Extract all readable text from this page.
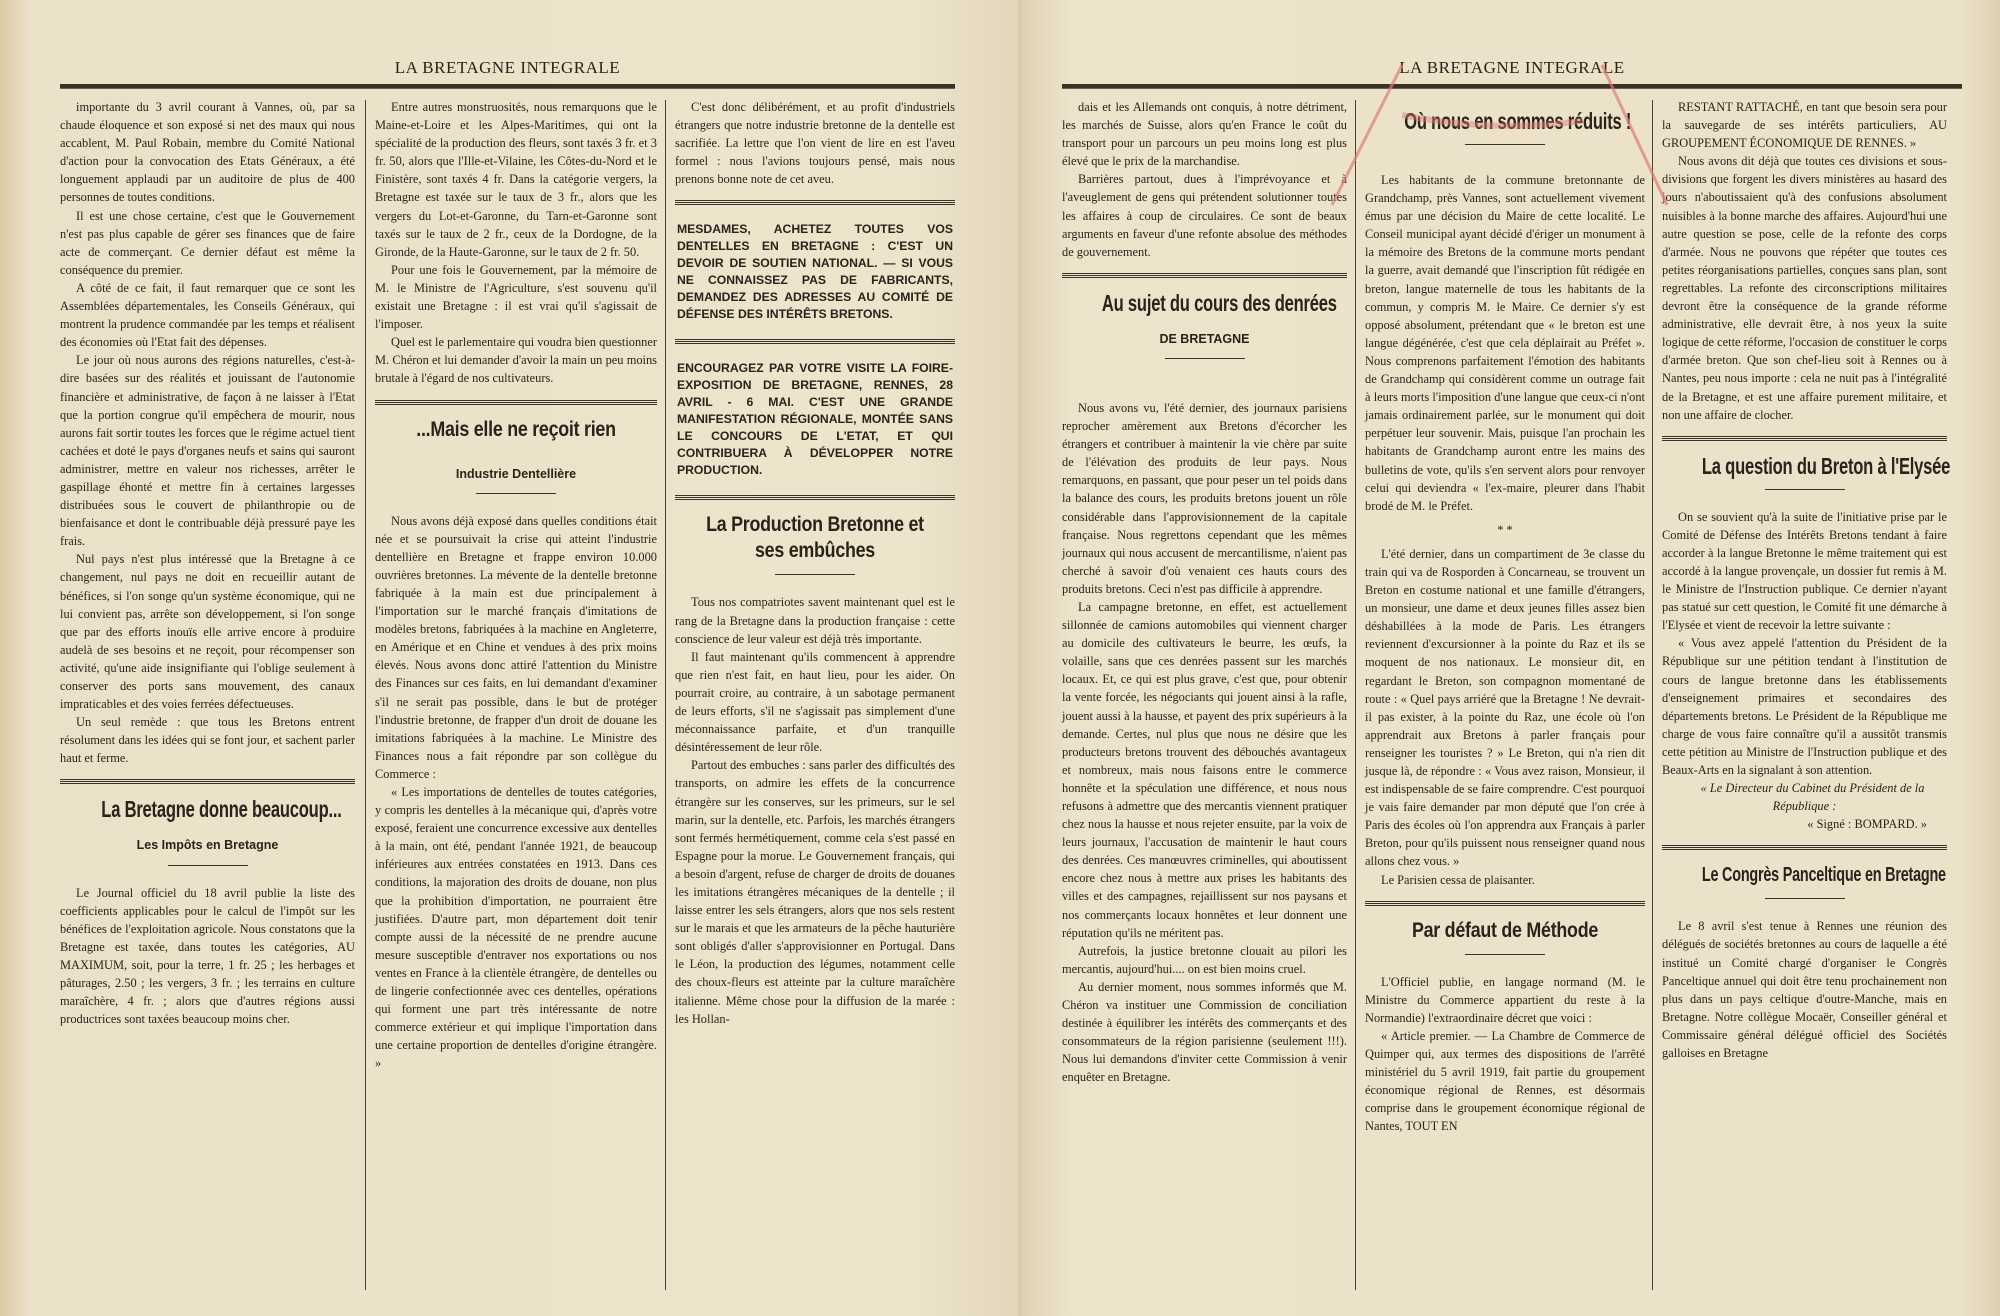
LA BRETAGNE INTEGRALE

importante du 3 avril courant à Vannes, où, par sa chaude éloquence et son exposé si net des maux qui nous accablent, M. Paul Robain, membre du Comité National d'action pour la convocation des Etats Généraux, a été longuement applaudi par un auditoire de plus de 400 personnes de toutes conditions.

Il est une chose certaine, c'est que le Gouvernement n'est pas plus capable de gérer ses finances que de faire acte de commerçant. Ce dernier défaut est même la conséquence du premier.

A côté de ce fait, il faut remarquer que ce sont les Assemblées départementales, les Conseils Généraux, qui montrent la prudence commandée par les temps et réalisent des économies où l'Etat fait des dépenses.

Le jour où nous aurons des régions naturelles, c'est-à-dire basées sur des réalités et jouissant de l'autonomie financière et administrative, de façon à ne laisser à l'Etat que la portion congrue qu'il empêchera de mourir, nous aurons fait sortir toutes les forces que le régime actuel tient cachées et doté le pays d'organes neufs et sains qui sauront administrer, mettre en valeur nos richesses, arrêter le gaspillage éhonté et mettre fin à certaines largesses distribuées sous le couvert de philanthropie ou de bienfaisance et dont le contribuable déjà pressuré paye les frais.

Nul pays n'est plus intéressé que la Bretagne à ce changement, nul pays ne doit en recueillir autant de bénéfices, si l'on songe qu'un système économique, qui ne lui convient pas, arrête son développement, si l'on songe que par des efforts inouïs elle arrive encore à produire audelà de ses besoins et ne reçoit, pour récompenser son activité, qu'une aide insignifiante qui l'oblige seulement à conserver des ports sans mouvement, des canaux impraticables et des voies ferrées défectueuses.

Un seul remède : que tous les Bretons entrent résolument dans les idées qui se font jour, et sachent parler haut et ferme.

La Bretagne donne beaucoup...
Les Impôts en Bretagne

Le Journal officiel du 18 avril publie la liste des coefficients applicables pour le calcul de l'impôt sur les bénéfices de l'exploitation agricole. Nous constatons que la Bretagne est taxée, dans toutes les catégories, AU MAXIMUM, soit, pour la terre, 1 fr. 25 ; les herbages et pâturages, 2.50 ; les vergers, 3 fr. ; les terrains en culture maraîchère, 4 fr. ; alors que d'autres régions aussi productrices sont taxées beaucoup moins cher.

Entre autres monstruosités, nous remarquons que le Maine-et-Loire et les Alpes-Maritimes, qui ont la spécialité de la production des fleurs, sont taxés 3 fr. et 3 fr. 50, alors que l'Ille-et-Vilaine, les Côtes-du-Nord et le Finistère, sont taxés 4 fr. Dans la catégorie vergers, la Bretagne est taxée sur le taux de 3 fr., alors que les vergers du Lot-et-Garonne, du Tarn-et-Garonne sont taxés sur le taux de 2 fr., ceux de la Dordogne, de la Gironde, de la Haute-Garonne, sur le taux de 2 fr. 50.

Pour une fois le Gouvernement, par la mémoire de M. le Ministre de l'Agriculture, s'est souvenu qu'il existait une Bretagne : il est vrai qu'il s'agissait de l'imposer.

Quel est le parlementaire qui voudra bien questionner M. Chéron et lui demander d'avoir la main un peu moins brutale à l'égard de nos cultivateurs.

...Mais elle ne reçoit rien
Industrie Dentellière

Nous avons déjà exposé dans quelles conditions était née et se poursuivait la crise qui atteint l'industrie dentellière en Bretagne et frappe environ 10.000 ouvrières bretonnes. La mévente de la dentelle bretonne fabriquée à la main est due principalement à l'importation sur le marché français d'imitations de modèles bretons, fabriquées à la machine en Angleterre, en Amérique et en Chine et vendues à des prix moins élevés. Nous avons donc attiré l'attention du Ministre des Finances sur ces faits, en lui demandant d'examiner s'il ne serait pas possible, dans le but de protéger l'industrie bretonne, de frapper d'un droit de douane les imitations fabriquées à la machine. Le Ministre des Finances nous a fait répondre par son collègue du Commerce :

« Les importations de dentelles de toutes catégories, y compris les dentelles à la mécanique qui, d'après votre exposé, feraient une concurrence excessive aux dentelles à la main, ont été, pendant l'année 1921, de beaucoup inférieures aux entrées constatées en 1913. Dans ces conditions, la majoration des droits de douane, non plus que la prohibition d'importation, ne pourraient être justifiées. D'autre part, mon département doit tenir compte aussi de la nécessité de ne prendre aucune mesure susceptible d'entraver nos exportations ou nos ventes en France à la clientèle étrangère, de dentelles ou de lingerie confectionnée avec ces dentelles, opérations qui forment une part très intéressante de notre commerce extérieur et qui implique l'importation dans une certaine proportion de dentelles d'origine étrangère. »

C'est donc délibérément, et au profit d'industriels étrangers que notre industrie bretonne de la dentelle est sacrifiée. La lettre que l'on vient de lire en est l'aveu formel : nous l'avions toujours pensé, mais nous prenons bonne note de cet aveu.

MESDAMES, ACHETEZ TOUTES VOS DENTELLES EN BRETAGNE : C'EST UN DEVOIR DE SOUTIEN NATIONAL. — SI VOUS NE CONNAISSEZ PAS DE FABRICANTS, DEMANDEZ DES ADRESSES AU COMITÉ DE DÉFENSE DES INTÉRÊTS BRETONS.
ENCOURAGEZ PAR VOTRE VISITE LA FOIRE-EXPOSITION DE BRETAGNE, RENNES, 28 AVRIL - 6 MAI. C'EST UNE GRANDE MANIFESTATION RÉGIONALE, MONTÉE SANS LE CONCOURS DE L'ETAT, ET QUI CONTRIBUERA À DÉVELOPPER NOTRE PRODUCTION.
La Production Bretonne et ses embûches

Tous nos compatriotes savent maintenant quel est le rang de la Bretagne dans la production française : cette conscience de leur valeur est déjà très importante.

Il faut maintenant qu'ils commencent à apprendre que rien n'est fait, en haut lieu, pour les aider. On pourrait croire, au contraire, à un sabotage permanent de leurs efforts, s'il ne s'agissait pas simplement d'une méconnaissance parfaite, et d'un tranquille désintéressement de leur rôle.

Partout des embuches : sans parler des difficultés des transports, on admire les effets de la concurrence étrangère sur les conserves, sur les primeurs, sur le sel marin, sur la dentelle, etc. Parfois, les marchés étrangers sont fermés hermétiquement, comme cela s'est passé en Espagne pour la morue. Le Gouvernement français, qui a besoin d'argent, refuse de charger de droits de douanes les imitations étrangères mécaniques de la dentelle ; il laisse entrer les sels étrangers, alors que nos sels restent sur le marais et que les armateurs de la pêche hauturière sont obligés d'aller s'approvisionner en Portugal. Dans le Léon, la production des légumes, notamment celle des choux-fleurs est atteinte par la culture maraîchère italienne. Même chose pour la diffusion de la marée : les Hollan-

LA BRETAGNE INTEGRALE

dais et les Allemands ont conquis, à notre détriment, les marchés de Suisse, alors qu'en France le coût du transport pour un parcours un peu moins long est plus élevé que le prix de la marchandise.

Barrières partout, dues à l'imprévoyance et à l'aveuglement de gens qui prétendent solutionner toutes les affaires à coup de circulaires. Ce sont de beaux arguments en faveur d'une refonte absolue des méthodes de gouvernement.

Au sujet du cours des denrées
DE BRETAGNE

Nous avons vu, l'été dernier, des journaux parisiens reprocher amèrement aux Bretons d'écorcher les étrangers et contribuer à maintenir la vie chère par suite de l'élévation des produits de leur pays. Nous remarquons, en passant, que pour peser un tel poids dans la balance des cours, les produits bretons jouent un rôle considérable dans l'approvisionnement de la capitale française. Nous regrettons cependant que les mêmes journaux qui nous accusent de mercantilisme, n'aient pas cherché à savoir d'où venaient ces hauts cours des produits bretons. Ceci n'est pas difficile à apprendre.

La campagne bretonne, en effet, est actuellement sillonnée de camions automobiles qui viennent charger au domicile des cultivateurs le beurre, les œufs, la volaille, sans que ces denrées passent sur les marchés locaux. Et, ce qui est plus grave, c'est que, pour obtenir la vente forcée, les négociants qui jouent ainsi à la rafle, jouent aussi à la hausse, et payent des prix supérieurs à la demande. Certes, nul plus que nous ne désire que les producteurs bretons trouvent des débouchés avantageux et nombreux, mais nous faisons entre le commerce honnête et la spéculation une différence, et nous nous refusons à admettre que des mercantis viennent pratiquer chez nous la hausse et nous rejeter ensuite, par la voix de leurs journaux, l'accusation de maintenir le haut cours des denrées. Ces manœuvres criminelles, qui aboutissent encore chez nous à mettre aux prises les habitants des villes et des campagnes, rejaillissent sur nos paysans et nos commerçants locaux honnêtes et leur donnent une réputation qu'ils ne méritent pas.

Autrefois, la justice bretonne clouait au pilori les mercantis, aujourd'hui.... on est bien moins cruel.

Au dernier moment, nous sommes informés que M. Chéron va instituer une Commission de conciliation destinée à équilibrer les intérêts des commerçants et des consommateurs de la région parisienne (seulement !!!). Nous lui demandons d'inviter cette Commission à venir enquêter en Bretagne.

Où nous en sommes réduits !

Les habitants de la commune bretonnante de Grandchamp, près Vannes, sont actuellement vivement émus par une décision du Maire de cette localité. Le Conseil municipal ayant décidé d'ériger un monument à la mémoire des Bretons de la commune morts pendant la guerre, avait demandé que l'inscription fût rédigée en breton, langue maternelle de tous les habitants de la commun, y compris M. le Maire. Ce dernier s'y est opposé absolument, prétendant que « le breton est une langue dégénérée, c'est que cela déplairait au Préfet ». Nous comprenons parfaitement l'émotion des habitants de Grandchamp qui considèrent comme un outrage fait à leurs morts l'imposition d'une langue que ceux-ci n'ont jamais ordinairement parlée, sur le monument qui doit perpétuer leur souvenir. Mais, puisque l'an prochain les habitants de Grandchamp auront entre les mains des bulletins de vote, qu'ils s'en servent alors pour renvoyer celui qui deviendra « l'ex-maire, pleurer dans l'habit brodé de M. le Préfet.

* *

L'été dernier, dans un compartiment de 3e classe du train qui va de Rosporden à Concarneau, se trouvent un Breton en costume national et une famille d'étrangers, un monsieur, une dame et deux jeunes filles assez bien déshabillées à la mode de Paris. Les étrangers reviennent d'excursionner à la pointe du Raz et ils se moquent de nos nationaux. Le monsieur dit, en regardant le Breton, son compagnon momentané de route : « Quel pays arriéré que la Bretagne ! Ne devrait-il pas exister, à la pointe du Raz, une école où l'on apprendrait aux Bretons à parler français pour renseigner les touristes ? » Le Breton, qui n'a rien dit jusque là, de répondre : « Vous avez raison, Monsieur, il est indispensable de se faire comprendre. C'est pourquoi je vais faire demander par mon député que l'on crée à Paris des écoles où l'on apprendra aux Français à parler Breton, pour qu'ils puissent nous renseigner quand nous allons chez vous. »

Le Parisien cessa de plaisanter.

Par défaut de Méthode

L'Officiel publie, en langage normand (M. le Ministre du Commerce appartient du reste à la Normandie) l'extraordinaire décret que voici :

« Article premier. — La Chambre de Commerce de Quimper qui, aux termes des dispositions de l'arrêté ministériel du 5 avril 1919, fait partie du groupement économique régional de Rennes, est désormais comprise dans le groupement économique régional de Nantes, TOUT EN

RESTANT RATTACHÉ, en tant que besoin sera pour la sauvegarde de ses intérêts particuliers, AU GROUPEMENT ÉCONOMIQUE DE RENNES. »

Nous avons dit déjà que toutes ces divisions et sous-divisions que forgent les divers ministères au hasard des jours n'aboutissaient qu'à des confusions absolument nuisibles à la bonne marche des affaires. Aujourd'hui une autre question se pose, celle de la refonte des corps d'armée. Nous ne pouvons que répéter que toutes ces petites réorganisations partielles, conçues sans plan, sont regrettables. La refonte des circonscriptions militaires devront être la conséquence de la grande réforme administrative, elle devrait être, à nos yeux la suite logique de cette réforme, l'occasion de constituer le corps d'armée breton. Que son chef-lieu soit à Rennes ou à Nantes, peu nous importe : cela ne nuit pas à l'intégralité de la Bretagne, et est une affaire purement militaire, et non une affaire de clocher.

La question du Breton à l'Elysée

On se souvient qu'à la suite de l'initiative prise par le Comité de Défense des Intérêts Bretons tendant à faire accorder à la langue Bretonne le même traitement qui est accordé à la langue provençale, un dossier fut remis à M. le Ministre de l'Instruction publique. Ce dernier n'ayant pas statué sur cett question, le Comité fit une démarche à l'Elysée et vient de recevoir la lettre suivante :

« Vous avez appelé l'attention du Président de la République sur une pétition tendant à l'institution de cours de langue bretonne dans les établissements d'enseignement primaires et secondaires des départements bretons. Le Président de la République me charge de vous faire connaître qu'il a aussitôt transmis cette pétition au Ministre de l'Instruction publique et des Beaux-Arts en la signalant à son attention.

« Le Directeur du Cabinet du Président de la République :

« Signé : BOMPARD. »

Le Congrès Panceltique en Bretagne

Le 8 avril s'est tenue à Rennes une réunion des délégués de sociétés bretonnes au cours de laquelle a été institué un Comité chargé d'organiser le Congrès Panceltique annuel qui doit être tenu prochainement non plus dans un pays celtique d'outre-Manche, mais en Bretagne. Notre collègue Mocaër, Conseiller général et Commissaire général délégué officiel des Sociétés galloises en Bretagne
